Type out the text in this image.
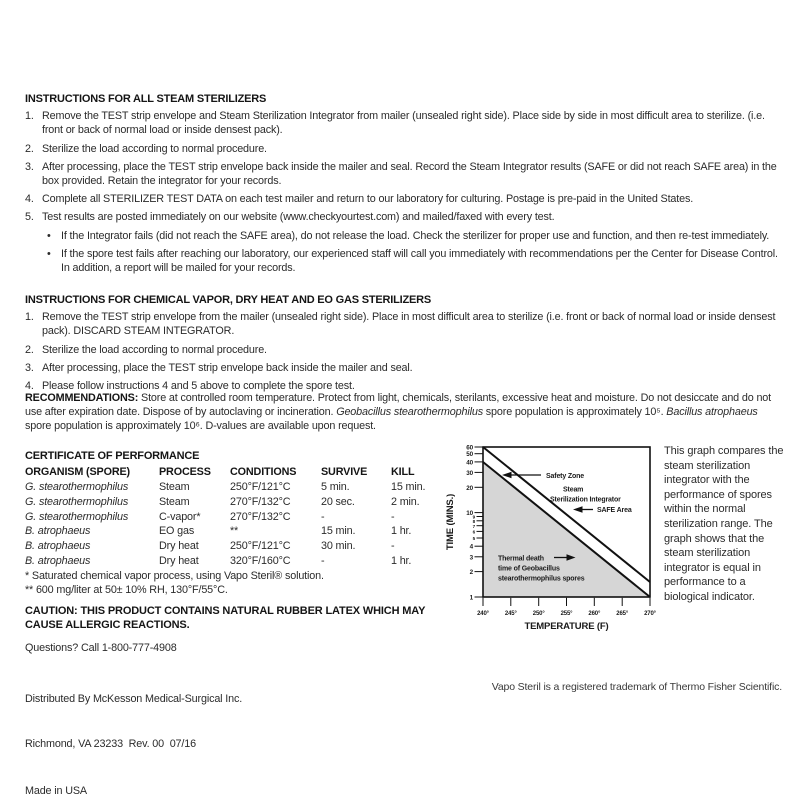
INSTRUCTIONS FOR ALL STEAM STERILIZERS

1. Remove the TEST strip envelope and Steam Sterilization Integrator from mailer (unsealed right side). Place side by side in most difficult area to sterilize. (i.e. front or back of normal load or inside densest pack).
2. Sterilize the load according to normal procedure.
3. After processing, place the TEST strip envelope back inside the mailer and seal. Record the Steam Integrator results (SAFE or did not reach SAFE area) in the box provided. Retain the integrator for your records.
4. Complete all STERILIZER TEST DATA on each test mailer and return to our laboratory for culturing. Postage is pre-paid in the United States.
5. Test results are posted immediately on our website (www.checkyourtest.com) and mailed/faxed with every test.
• If the Integrator fails (did not reach the SAFE area), do not release the load. Check the sterilizer for proper use and function, and then re-test immediately.
• If the spore test fails after reaching our laboratory, our experienced staff will call you immediately with recommendations per the Center for Disease Control. In addition, a report will be mailed for your records.

INSTRUCTIONS FOR CHEMICAL VAPOR, DRY HEAT AND EO GAS STERILIZERS

1. Remove the TEST strip envelope from the mailer (unsealed right side). Place in most difficult area to sterilize (i.e. front or back of normal load or inside densest pack). DISCARD STEAM INTEGRATOR.
2. Sterilize the load according to normal procedure.
3. After processing, place the TEST strip envelope back inside the mailer and seal.
4. Please follow instructions 4 and 5 above to complete the spore test.

RECOMMENDATIONS: Store at controlled room temperature. Protect from light, chemicals, sterilants, excessive heat and moisture. Do not desiccate and do not use after expiration date. Dispose of by autoclaving or incineration. Geobacillus stearothermophilus spore population is approximately 10⁵. Bacillus atrophaeus spore population is approximately 10⁶. D-values are available upon request.

CERTIFICATE OF PERFORMANCE

ORGANISM (SPORE)	PROCESS	CONDITIONS	SURVIVE	KILL
G. stearothermophilus	Steam	250°F/121°C	5 min.	15 min.
G. stearothermophilus	Steam	270°F/132°C	20 sec.	2 min.
G. stearothermophilus	C-vapor*	270°F/132°C	-	-
B. atrophaeus	EO gas	**	15 min.	1 hr.
B. atrophaeus	Dry heat	250°F/121°C	30 min.	-
B. atrophaeus	Dry heat	320°F/160°C	-	1 hr.
* Saturated chemical vapor process, using Vapo Steril® solution.
** 600 mg/liter at 50± 10% RH, 130°F/55°C.
CAUTION: THIS PRODUCT CONTAINS NATURAL RUBBER LATEX WHICH MAY CAUSE ALLERGIC REACTIONS.
Questions? Call 1-800-777-4908

Distributed By McKesson Medical-Surgical Inc.

Richmond, VA 23233  Rev. 00  07/16

Made in USA
60
50
40
30
20
10 9
8
7
6
5
4
3
2
1
240°	245°	250°	255°	260°	265°	270°
TEMPERATURE (F)
TIME (MINS.)
Safety Zone
Steam
Sterilization Integrator
SAFE Area
Thermal death
time of Geobacillus
stearothermophilus spores
This graph compares the steam sterilization integrator with the performance of spores within the normal sterilization range. The graph shows that the steam sterilization integrator is equal in performance to a biological indicator.
Vapo Steril is a registered trademark of Thermo Fisher Scientific.
